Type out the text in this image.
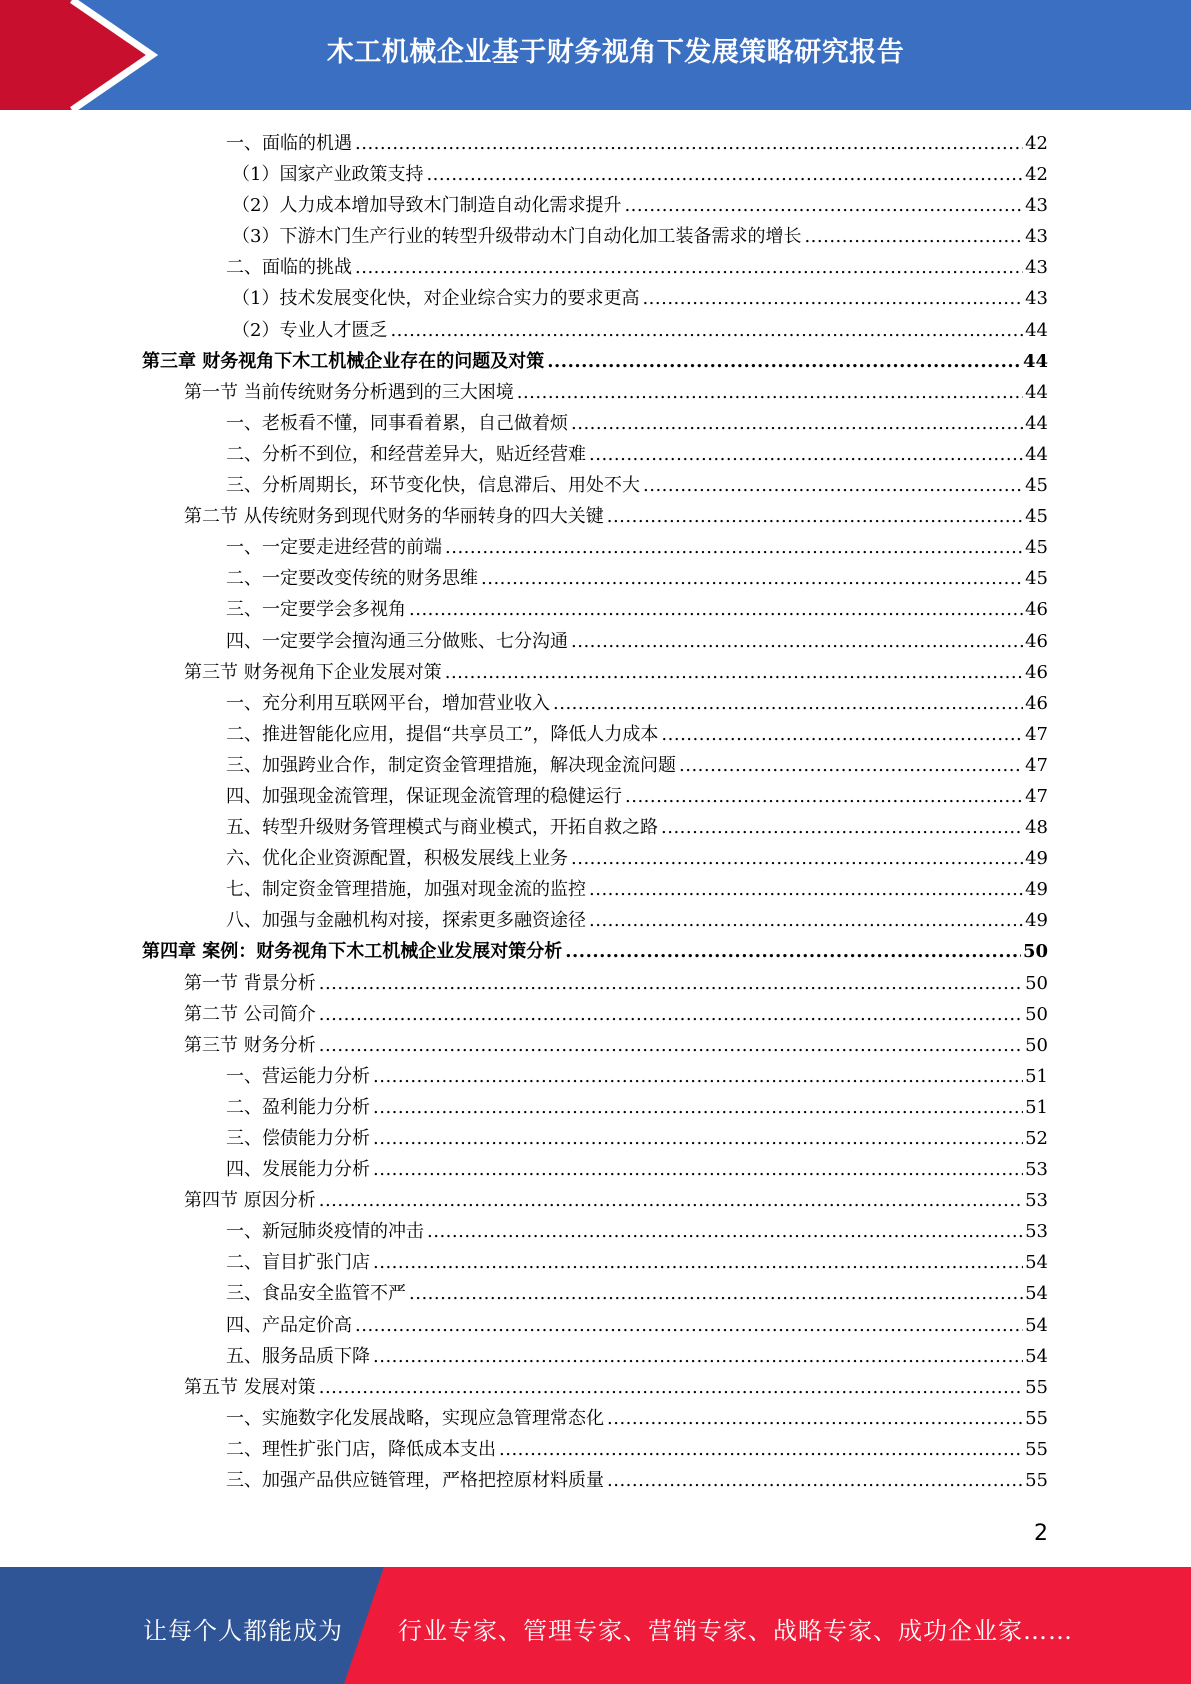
木工机械企业基于财务视角下发展策略研究报告
一、面临的机遇 .....	42
（1）国家产业政策支持 .....	42
（2）人力成本增加导致木门制造自动化需求提升 .....	43
（3）下游木门生产行业的转型升级带动木门自动化加工装备需求的增长 .....	43
二、面临的挑战 .....	43
（1）技术发展变化快，对企业综合实力的要求更高 .....	43
（2）专业人才匮乏 .....	44
第三章 财务视角下木工机械企业存在的问题及对策 .....	44
第一节 当前传统财务分析遇到的三大困境 .....	44
一、老板看不懂，同事看着累，自己做着烦 .....	44
二、分析不到位，和经营差异大，贴近经营难 .....	44
三、分析周期长，环节变化快，信息滞后、用处不大 .....	45
第二节 从传统财务到现代财务的华丽转身的四大关键 .....	45
一、一定要走进经营的前端 .....	45
二、一定要改变传统的财务思维 .....	45
三、一定要学会多视角 .....	46
四、一定要学会擅沟通三分做账、七分沟通 .....	46
第三节 财务视角下企业发展对策 .....	46
一、充分利用互联网平台，增加营业收入 .....	46
二、推进智能化应用，提倡“共享员工”，降低人力成本 .....	47
三、加强跨业合作，制定资金管理措施，解决现金流问题 .....	47
四、加强现金流管理，保证现金流管理的稳健运行 .....	47
五、转型升级财务管理模式与商业模式，开拓自救之路 .....	48
六、优化企业资源配置，积极发展线上业务 .....	49
七、制定资金管理措施，加强对现金流的监控 .....	49
八、加强与金融机构对接，探索更多融资途径 .....	49
第四章 案例：财务视角下木工机械企业发展对策分析 .....	50
第一节 背景分析 .....	50
第二节 公司简介 .....	50
第三节 财务分析 .....	50
一、营运能力分析 .....	51
二、盈利能力分析 .....	51
三、偿债能力分析 .....	52
四、发展能力分析 .....	53
第四节 原因分析 .....	53
一、新冠肺炎疫情的冲击 .....	53
二、盲目扩张门店 .....	54
三、食品安全监管不严 .....	54
四、产品定价高 .....	54
五、服务品质下降 .....	54
第五节 发展对策 .....	55
一、实施数字化发展战略，实现应急管理常态化 .....	55
二、理性扩张门店，降低成本支出 .....	55
三、加强产品供应链管理，严格把控原材料质量 .....	55
2
让每个人都能成为 行业专家、管理专家、营销专家、战略专家、成功企业家……
